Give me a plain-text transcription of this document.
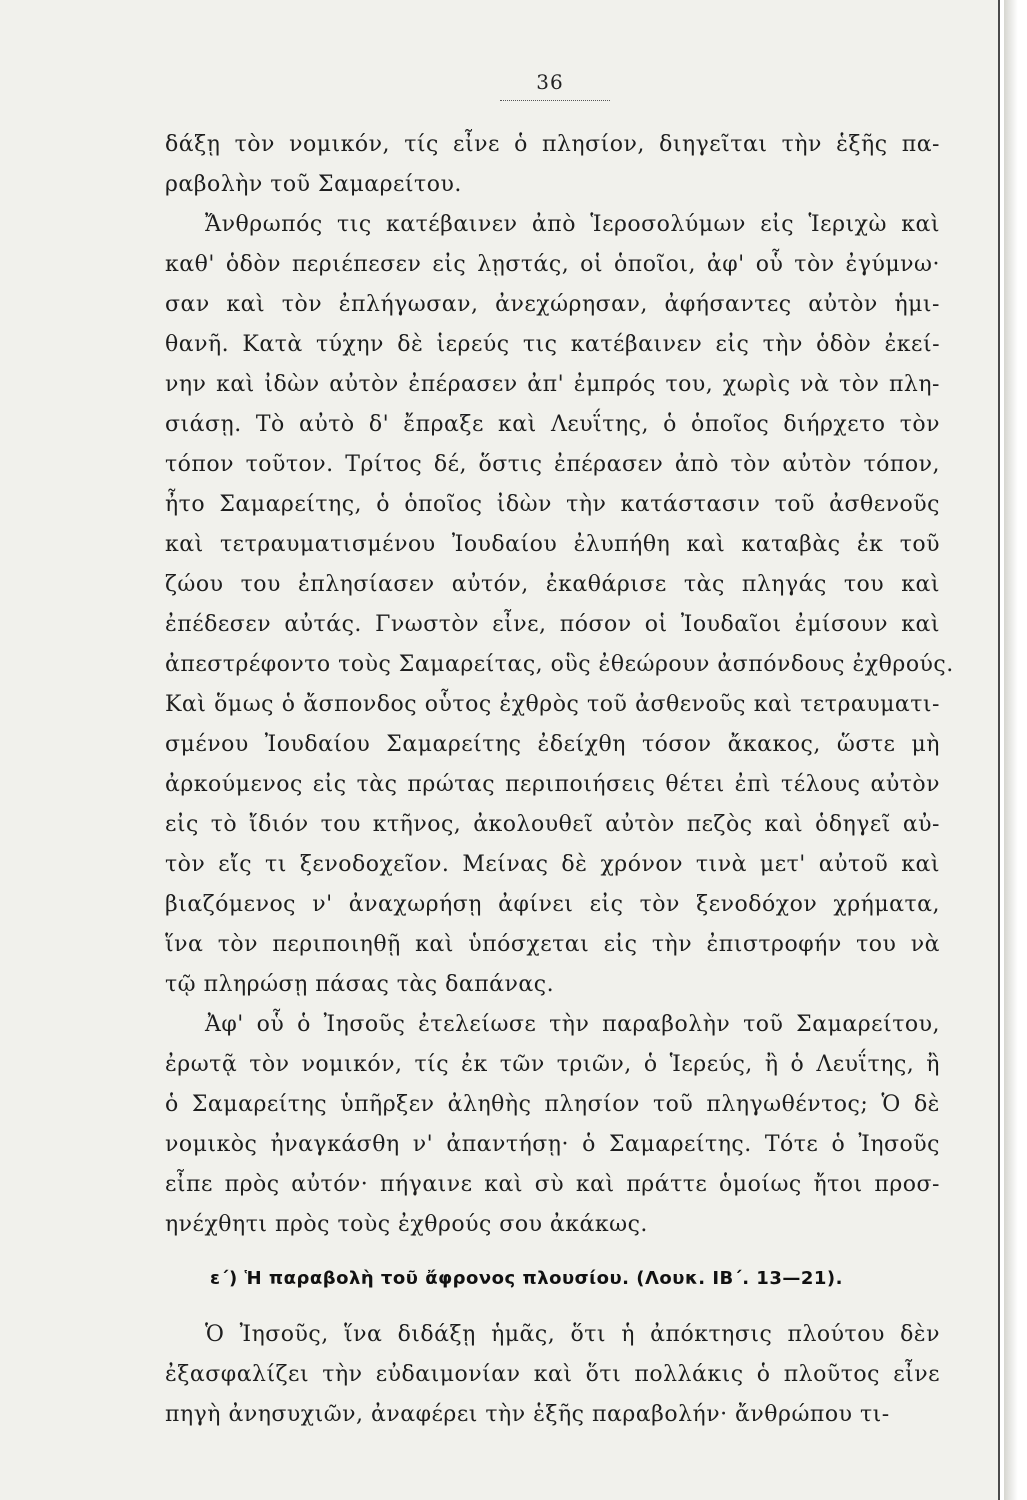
36
δάξῃ τὸν νομικόν, τίς εἶνε ὁ πλησίον, διηγεῖται τὴν ἑξῆς πα-
ραβολὴν τοῦ Σαμαρείτου.
Ἄνθρωπός τις κατέβαινεν ἀπὸ Ἱεροσολύμων εἰς Ἱεριχὼ καὶ
καθ' ὁδὸν περιέπεσεν εἰς λῃστάς, οἱ ὁποῖοι, ἀφ' οὗ τὸν ἐγύμνω·
σαν καὶ τὸν ἐπλήγωσαν, ἀνεχώρησαν, ἀφήσαντες αὐτὸν ἡμι-
θανῆ. Κατὰ τύχην δὲ ἱερεύς τις κατέβαινεν εἰς τὴν ὁδὸν ἐκεί-
νην καὶ ἰδὼν αὐτὸν ἐπέρασεν ἀπ' ἐμπρός του, χωρὶς νὰ τὸν πλη-
σιάσῃ. Τὸ αὐτὸ δ' ἔπραξε καὶ Λευΐτης, ὁ ὁποῖος διήρχετο τὸν
τόπον τοῦτον. Τρίτος δέ, ὅστις ἐπέρασεν ἀπὸ τὸν αὐτὸν τόπον,
ἦτο Σαμαρείτης, ὁ ὁποῖος ἰδὼν τὴν κατάστασιν τοῦ ἀσθενοῦς
καὶ τετραυματισμένου Ἰουδαίου ἐλυπήθη καὶ καταβὰς ἐκ τοῦ
ζώου του ἐπλησίασεν αὐτόν, ἐκαθάρισε τὰς πληγάς του καὶ
ἐπέδεσεν αὐτάς. Γνωστὸν εἶνε, πόσον οἱ Ἰουδαῖοι ἐμίσουν καὶ
ἀπεστρέφοντο τοὺς Σαμαρείτας, οὓς ἐθεώρουν ἀσπόνδους ἐχθρούς.
Καὶ ὅμως ὁ ἄσπονδος οὗτος ἐχθρὸς τοῦ ἀσθενοῦς καὶ τετραυματι-
σμένου Ἰουδαίου Σαμαρείτης ἐδείχθη τόσον ἄκακος, ὥστε μὴ
ἀρκούμενος εἰς τὰς πρώτας περιποιήσεις θέτει ἐπὶ τέλους αὐτὸν
εἰς τὸ ἴδιόν του κτῆνος, ἀκολουθεῖ αὐτὸν πεζὸς καὶ ὁδηγεῖ αὐ-
τὸν εἴς τι ξενοδοχεῖον. Μείνας δὲ χρόνον τινὰ μετ' αὐτοῦ καὶ
βιαζόμενος ν' ἀναχωρήσῃ ἀφίνει εἰς τὸν ξενοδόχον χρήματα,
ἵνα τὸν περιποιηθῇ καὶ ὑπόσχεται εἰς τὴν ἐπιστροφήν του νὰ
τῷ πληρώσῃ πάσας τὰς δαπάνας.
Ἀφ' οὗ ὁ Ἰησοῦς ἐτελείωσε τὴν παραβολὴν τοῦ Σαμαρείτου,
ἐρωτᾷ τὸν νομικόν, τίς ἐκ τῶν τριῶν, ὁ Ἱερεύς, ἢ ὁ Λευΐτης, ἢ
ὁ Σαμαρείτης ὑπῆρξεν ἀληθὴς πλησίον τοῦ πληγωθέντος; Ὁ δὲ
νομικὸς ἠναγκάσθη ν' ἀπαντήσῃ· ὁ Σαμαρείτης. Τότε ὁ Ἰησοῦς
εἶπε πρὸς αὐτόν· πήγαινε καὶ σὺ καὶ πράττε ὁμοίως ἤτοι προσ-
ηνέχθητι πρὸς τοὺς ἐχθρούς σου ἀκάκως.
ε΄) Ἡ παραβολὴ τοῦ ἄφρονος πλουσίου. (Λουκ. ΙΒ΄. 13—21).
Ὁ Ἰησοῦς, ἵνα διδάξῃ ἡμᾶς, ὅτι ἡ ἀπόκτησις πλούτου δὲν
ἐξασφαλίζει τὴν εὐδαιμονίαν καὶ ὅτι πολλάκις ὁ πλοῦτος εἶνε
πηγὴ ἀνησυχιῶν, ἀναφέρει τὴν ἑξῆς παραβολήν· ἄνθρώπου τι-
